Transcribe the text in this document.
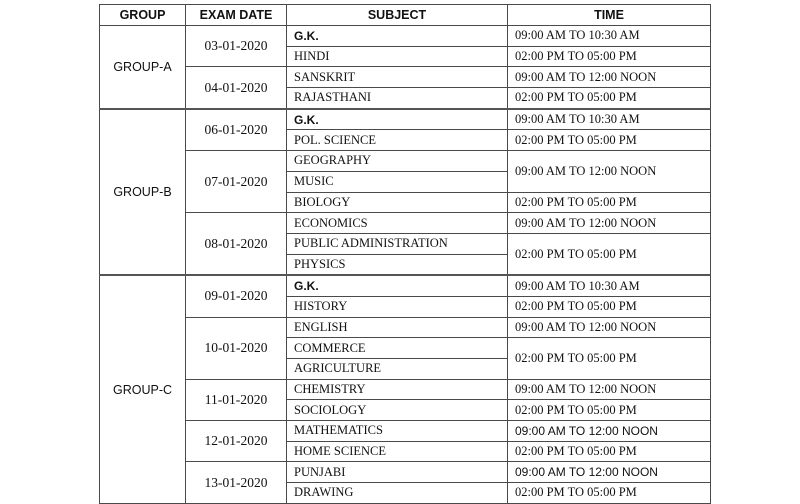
GROUP	EXAM DATE	SUBJECT	TIME
GROUP-A	03-01-2020	G.K.	09:00 AM TO 10:30 AM
		HINDI	02:00 PM TO 05:00 PM
	04-01-2020	SANSKRIT	09:00 AM TO 12:00 NOON
		RAJASTHANI	02:00 PM TO 05:00 PM
GROUP-B	06-01-2020	G.K.	09:00 AM TO 10:30 AM
		POL. SCIENCE	02:00 PM TO 05:00 PM
	07-01-2020	GEOGRAPHY	09:00 AM TO 12:00 NOON
		MUSIC	
		BIOLOGY	02:00 PM TO 05:00 PM
	08-01-2020	ECONOMICS	09:00 AM TO 12:00 NOON
		PUBLIC ADMINISTRATION	02:00 PM TO 05:00 PM
		PHYSICS	
GROUP-C	09-01-2020	G.K.	09:00 AM TO 10:30 AM
		HISTORY	02:00 PM TO 05:00 PM
	10-01-2020	ENGLISH	09:00 AM TO 12:00 NOON
		COMMERCE	02:00 PM TO 05:00 PM
		AGRICULTURE	
	11-01-2020	CHEMISTRY	09:00 AM TO 12:00 NOON
		SOCIOLOGY	02:00 PM TO 05:00 PM
	12-01-2020	MATHEMATICS	09:00 AM TO 12:00 NOON
		HOME SCIENCE	02:00 PM TO 05:00 PM
	13-01-2020	PUNJABI	09:00 AM TO 12:00 NOON
		DRAWING	02:00 PM TO 05:00 PM
